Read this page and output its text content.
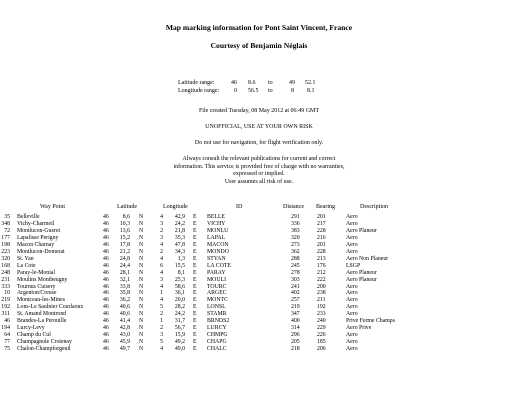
Map marking information for Pont Saint Vincent, France
Courtesy of Benjamin Néglais
Latitude range:	46 8.6 to	49 52.1
Longitude range: 0 56.5 to	8 8.1
File created Tuesday, 08 May 2012 at 06:49 GMT
UNOFFICIAL, USE AT YOUR OWN RISK
Do not use for navigation, for flight verification only.
Always consult the relevant publications for current and correct
information. This service is provided free of charge with no warranties,
expressed or implied.
User assumes all risk of use.
Way Point	Latitude	Longitude	ID	Distance Bearing	Description
35 Belleville	46	8,6 N	4	42,9 E BELLE	291	201	Aero
348 Vichy-Charmeil	46	10,3 N	3	24,2 E VICHY	336	217	Aero
72 Montlucon-Gueret	46	13,6 N	2	21,8 E MONLU	383	228	Aero Planeur
177 Lapalisse Perigny	46	15,2 N	3	35,3 E LAPAL	320	216	Aero
198 Macon Charnay	46	17,8 N	4	47,8 E MACON	273	201	Aero
223 Montlucon-Domerat	46	21,2 N	2	34,3 E MONDO	362	228	Aero
320 St. Yan	46	24,8 N	4	1,3 E STYAN	288	213	Aero Non Planeur
168 La Cote	46	24,4 N	6	15,5 E LA COTE	245	176	LSGP
248 Paray-le-Monial	46	28,1 N	4	8,1 E PARAY	278	212	Aero Planeur
231 Moulins Montbeugny	46	32,1 N	3	25,3 E MOULI	303	222	Aero Planeur
333 Tournus Cuisery	46	33,8 N	4	58,6 E TOURC	241	200	Aero
10 Argenton/Creuse	46	35,8 N	1	36,1 E ARGEC	402	238	Aero
219 Montceau-les-Mines	46	36,2 N	4	20,0 E MONTC	257	211	Aero
192 Lons-Le Saulnier Courlaoux	46	40,6 N	5	28,2 E LONSL	219	192	Aero
311 St. Amand Montrond	46	40,6 N	2	24,2 E STAMR	347	233	Aero
46 Brandes-La Perouille	46	41,4 N	1	31,7 E BRNDS2	400	240	Prive Ferme Champs
194 Lurcy-Levy	46	42,8 N	2	56,7 E LURCY	314	229	Aero Prive
64 Champ du Cul	46	43,0 N	3	15,9 E CHMPG	296	226	Aero
77 Champagnole Crotenay	46	45,9 N	5	49,2 E CHAPG	205	185	Aero
75 Chalon-Champforgeuil	46	49,7 N	4	49,0 E CHALC	218	206	Aero
